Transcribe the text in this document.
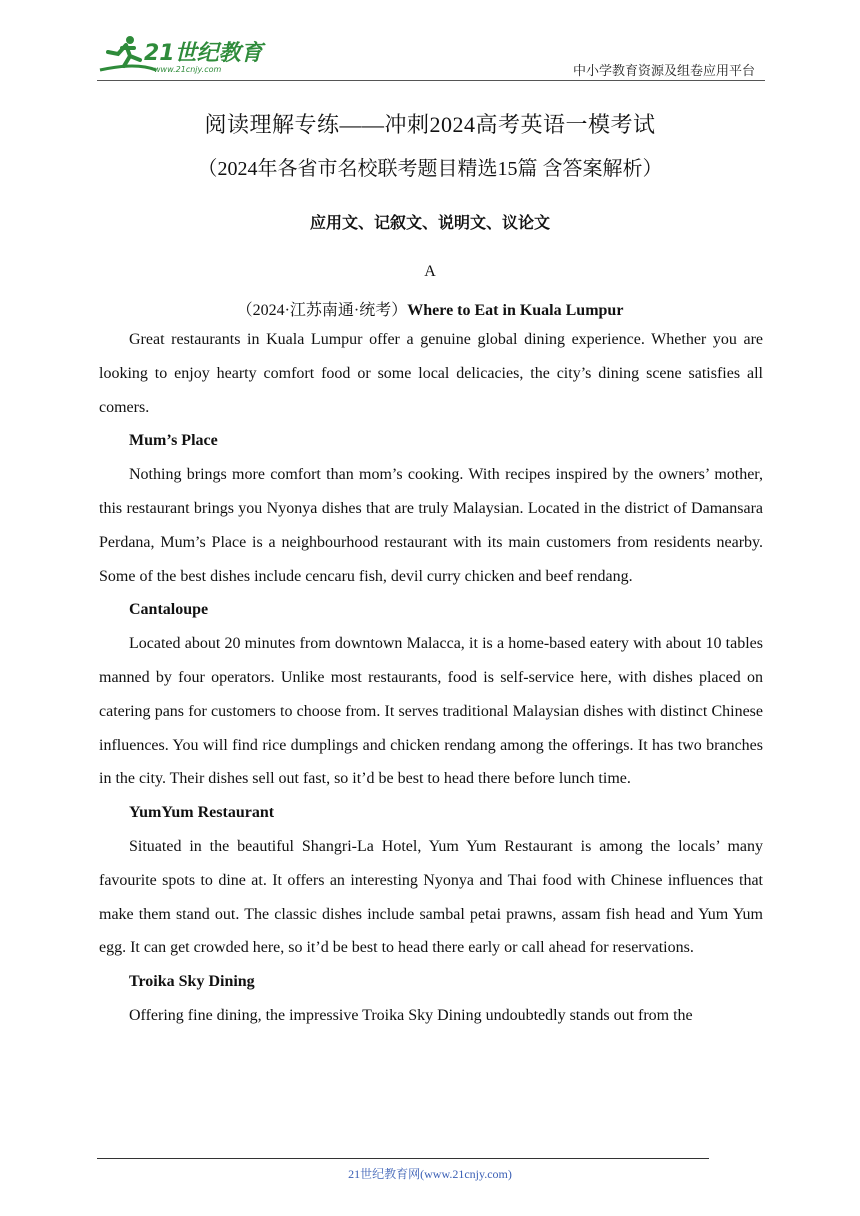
21世纪教育
www.21cnjy.com	中小学教育资源及组卷应用平台
阅读理解专练——冲刺2024高考英语一模考试
（2024年各省市名校联考题目精选15篇 含答案解析）
应用文、记叙文、说明文、议论文
A
（2024·江苏南通·统考）Where to Eat in Kuala Lumpur

Great restaurants in Kuala Lumpur offer a genuine global dining experience. Whether you are looking to enjoy hearty comfort food or some local delicacies, the city’s dining scene satisfies all comers.

Mum’s Place

Nothing brings more comfort than mom’s cooking. With recipes inspired by the owners’ mother, this restaurant brings you Nyonya dishes that are truly Malaysian. Located in the district of Damansara Perdana, Mum’s Place is a neighbourhood restaurant with its main customers from residents nearby. Some of the best dishes include cencaru fish, devil curry chicken and beef rendang.

Cantaloupe

Located about 20 minutes from downtown Malacca, it is a home-based eatery with about 10 tables manned by four operators. Unlike most restaurants, food is self-service here, with dishes placed on catering pans for customers to choose from. It serves traditional Malaysian dishes with distinct Chinese influences. You will find rice dumplings and chicken rendang among the offerings. It has two branches in the city. Their dishes sell out fast, so it’d be best to head there before lunch time.

YumYum Restaurant

Situated in the beautiful Shangri-La Hotel, Yum Yum Restaurant is among the locals’ many favourite spots to dine at. It offers an interesting Nyonya and Thai food with Chinese influences that make them stand out. The classic dishes include sambal petai prawns, assam fish head and Yum Yum egg. It can get crowded here, so it’d be best to head there early or call ahead for reservations.

Troika Sky Dining

Offering fine dining, the impressive Troika Sky Dining undoubtedly stands out from the

21世纪教育网(www.21cnjy.com)
